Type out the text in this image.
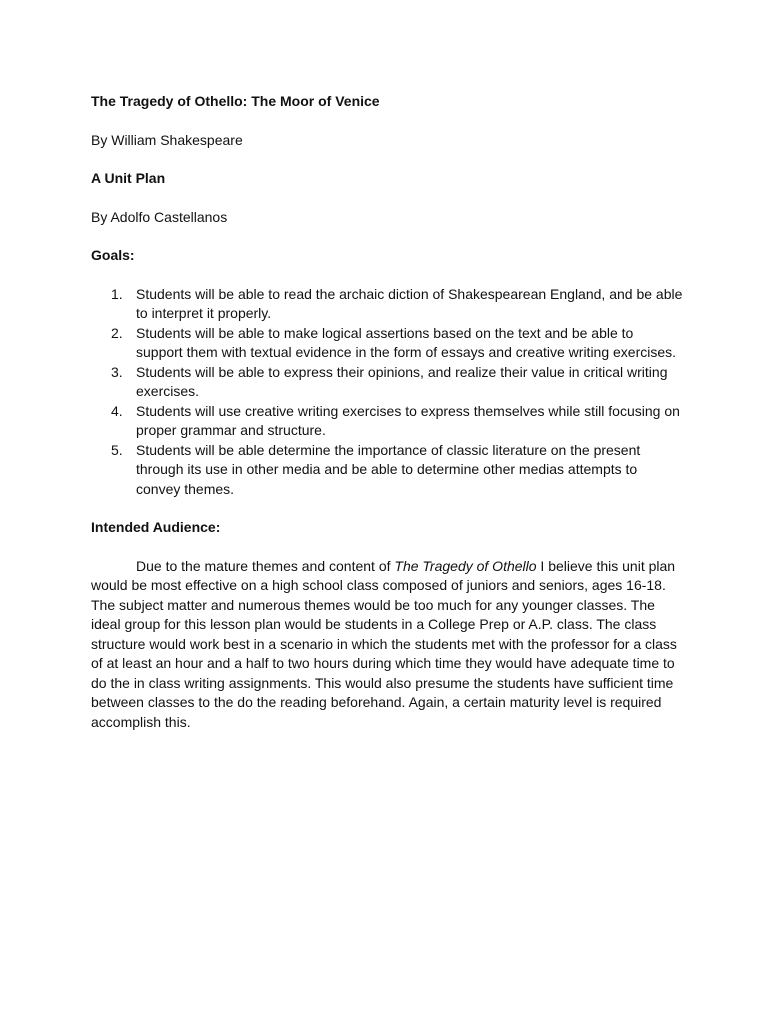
The Tragedy of Othello: The Moor of Venice

By William Shakespeare

A Unit Plan

By Adolfo Castellanos

Goals:

1. Students will be able to read the archaic diction of Shakespearean England, and be able to interpret it properly.
2. Students will be able to make logical assertions based on the text and be able to support them with textual evidence in the form of essays and creative writing exercises.
3. Students will be able to express their opinions, and realize their value in critical writing exercises.
4. Students will use creative writing exercises to express themselves while still focusing on proper grammar and structure.
5. Students will be able determine the importance of classic literature on the present through its use in other media and be able to determine other medias attempts to convey themes.

Intended Audience:

Due to the mature themes and content of The Tragedy of Othello I believe this unit plan would be most effective on a high school class composed of juniors and seniors, ages 16-18. The subject matter and numerous themes would be too much for any younger classes. The ideal group for this lesson plan would be students in a College Prep or A.P. class. The class structure would work best in a scenario in which the students met with the professor for a class of at least an hour and a half to two hours during which time they would have adequate time to do the in class writing assignments. This would also presume the students have sufficient time between classes to the do the reading beforehand. Again, a certain maturity level is required accomplish this.
